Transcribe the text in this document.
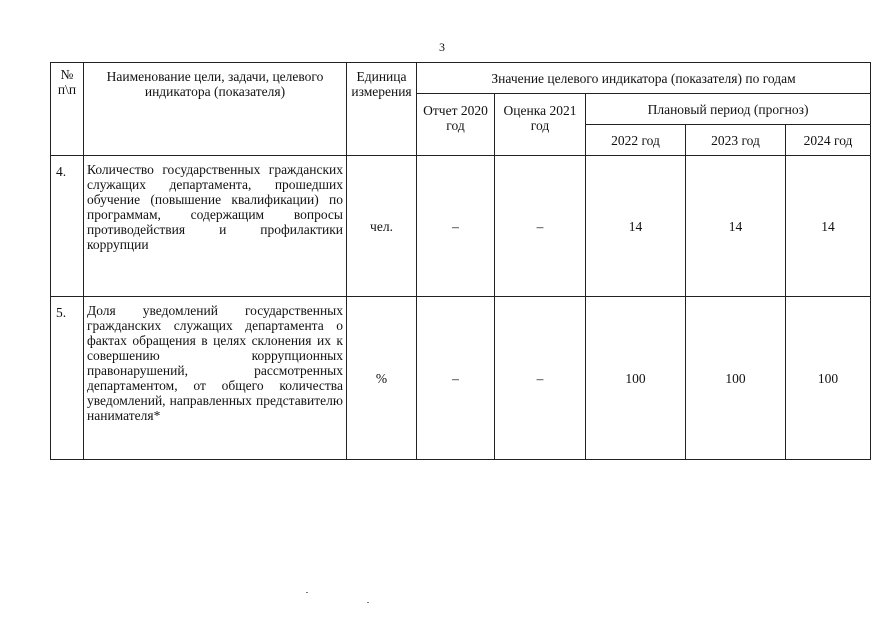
3
№ п\п	Наименование цели, задачи, целевого индикатора (показателя)	Единица измерения	Значение целевого индикатора (показателя) по годам				
			Отчет 2020 год	Оценка 2021 год	Плановый период (прогноз)		
					2022 год	2023 год	2024 год
4.	Количество государственных гражданских служащих департамента, прошедших обучение (повышение квалификации) по программам, содержащим вопросы противодействия и профилактики коррупции	чел.	–	–	14	14	14
5.	Доля уведомлений государственных гражданских служащих департамента о фактах обращения в целях склонения их к совершению коррупционных правонарушений, рассмотренных департаментом, от общего количества уведомлений, направленных представителю нанимателя*	%	–	–	100	100	100
